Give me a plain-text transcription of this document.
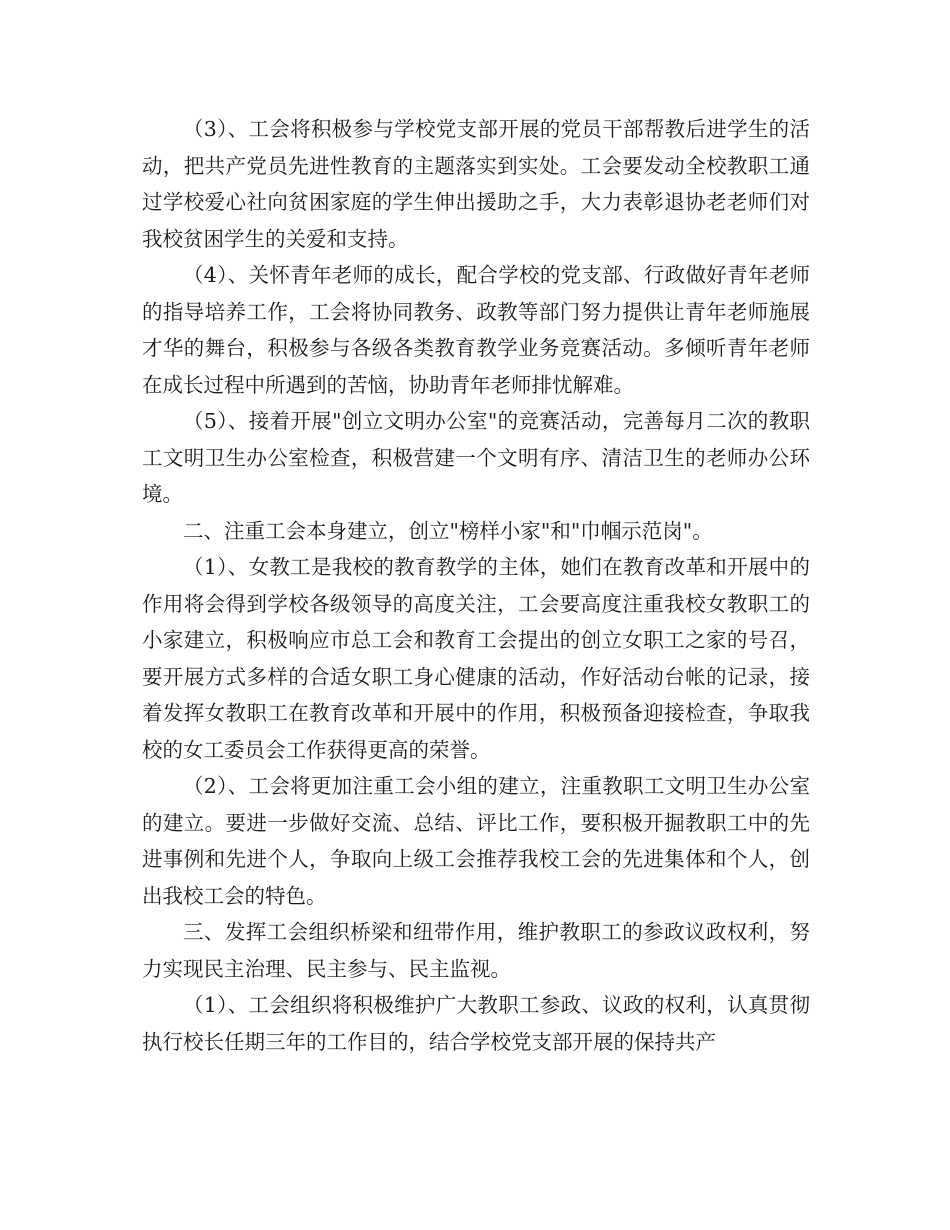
（3）、工会将积极参与学校党支部开展的党员干部帮教后进学生的活动，把共产党员先进性教育的主题落实到实处。工会要发动全校教职工通过学校爱心社向贫困家庭的学生伸出援助之手，大力表彰退协老老师们对我校贫困学生的关爱和支持。

（4）、关怀青年老师的成长，配合学校的党支部、行政做好青年老师的指导培养工作，工会将协同教务、政教等部门努力提供让青年老师施展才华的舞台，积极参与各级各类教育教学业务竞赛活动。多倾听青年老师在成长过程中所遇到的苦恼，协助青年老师排忧解难。

（5）、接着开展"创立文明办公室"的竞赛活动，完善每月二次的教职工文明卫生办公室检查，积极营建一个文明有序、清洁卫生的老师办公环境。

二、注重工会本身建立，创立"榜样小家"和"巾帼示范岗"。

（1）、女教工是我校的教育教学的主体，她们在教育改革和开展中的作用将会得到学校各级领导的高度关注，工会要高度注重我校女教职工的小家建立，积极响应市总工会和教育工会提出的创立女职工之家的号召，要开展方式多样的合适女职工身心健康的活动，作好活动台帐的记录，接着发挥女教职工在教育改革和开展中的作用，积极预备迎接检查，争取我校的女工委员会工作获得更高的荣誉。

（2）、工会将更加注重工会小组的建立，注重教职工文明卫生办公室的建立。要进一步做好交流、总结、评比工作，要积极开掘教职工中的先进事例和先进个人，争取向上级工会推荐我校工会的先进集体和个人，创出我校工会的特色。

三、发挥工会组织桥梁和纽带作用，维护教职工的参政议政权利，努力实现民主治理、民主参与、民主监视。

（1）、工会组织将积极维护广大教职工参政、议政的权利，认真贯彻执行校长任期三年的工作目的，结合学校党支部开展的保持共产
